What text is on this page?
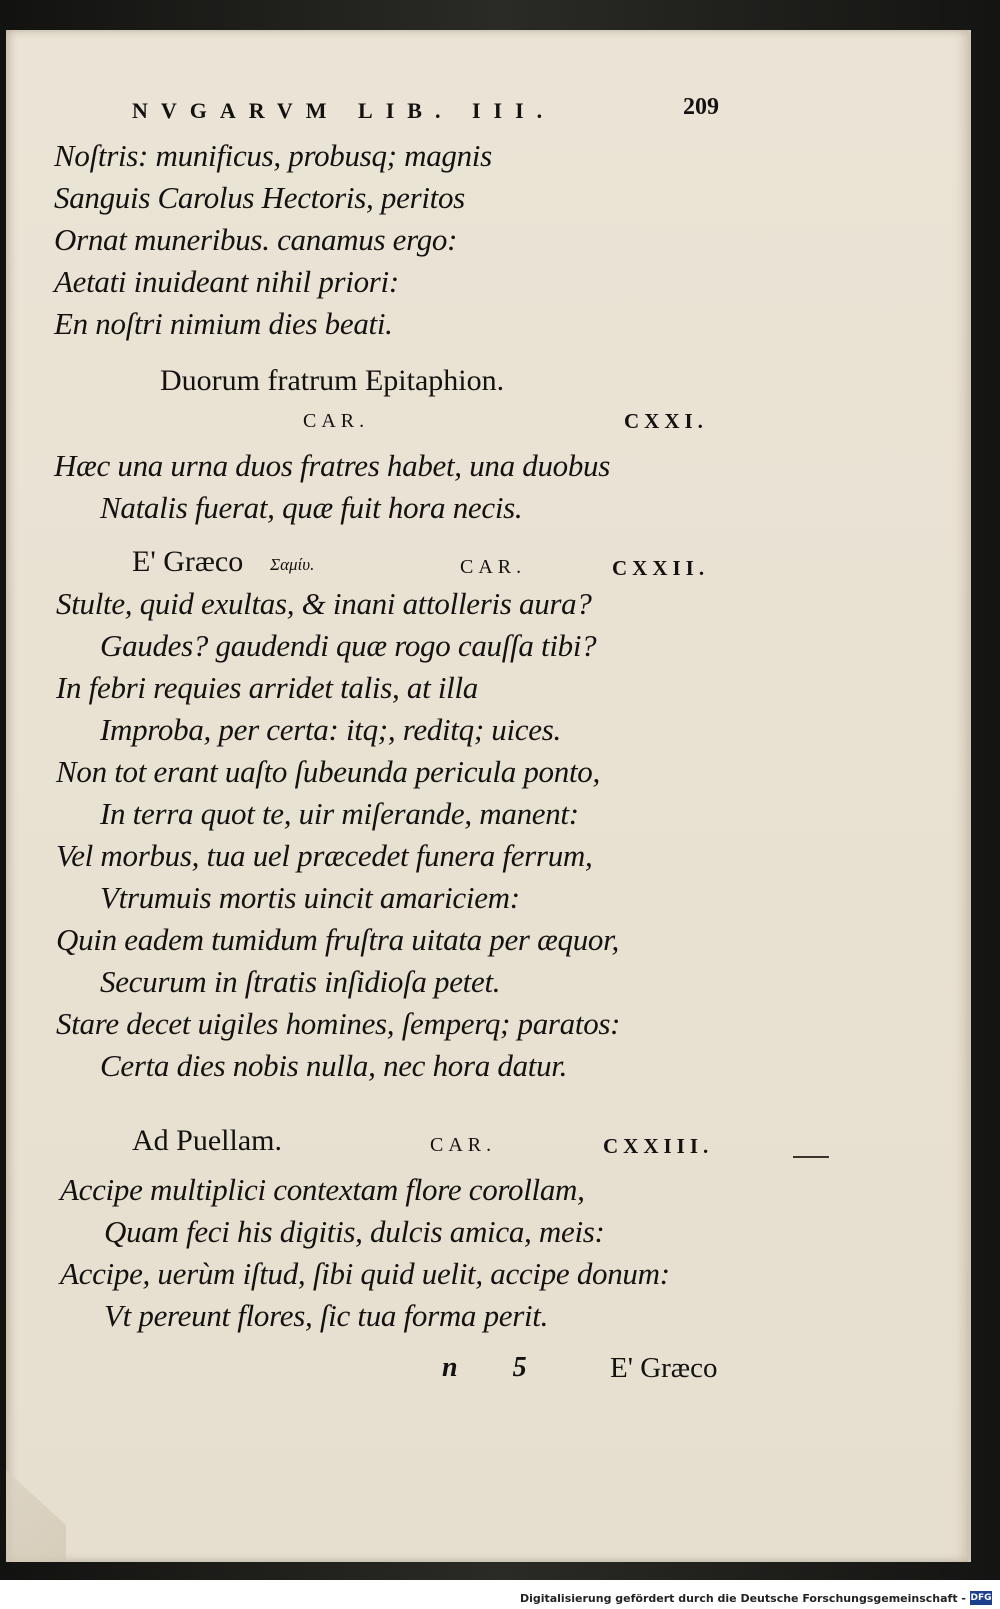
NVGARVM LIB. III.	209
Noſtris: munificus, probusq; magnis
Sanguis Carolus Hectoris, peritos
Ornat muneribus. canamus ergo:
Aetati inuideant nihil priori:
En noſtri nimium dies beati.
Duorum fratrum Epitaphion.
CAR.	CXXI.
Hæc una urna duos fratres habet, una duobus
Natalis fuerat, quæ fuit hora necis.
E' Græco Σαμίυ.	CAR.	CXXII.
Stulte, quid exultas, & inani attolleris aura?
Gaudes? gaudendi quæ rogo cauſſa tibi?
In febri requies arridet talis, at illa
Improba, per certa: itq;, reditq; uices.
Non tot erant uaſto ſubeunda pericula ponto,
In terra quot te, uir miſerande, manent:
Vel morbus, tua uel præcedet funera ferrum,
Vtrumuis mortis uincit amariciem:
Quin eadem tumidum fruſtra uitata per æquor,
Securum in ſtratis inſidioſa petet.
Stare decet uigiles homines, ſemperq; paratos:
Certa dies nobis nulla, nec hora datur.
Ad Puellam.	CAR.	CXXIII.
Accipe multiplici contextam flore corollam,
Quam feci his digitis, dulcis amica, meis:
Accipe, uerùm iſtud, ſibi quid uelit, accipe donum:
Vt pereunt flores, ſic tua forma perit.
n 5 E' Græco
Digitalisierung gefördert durch die Deutsche Forschungsgemeinschaft - DFG
